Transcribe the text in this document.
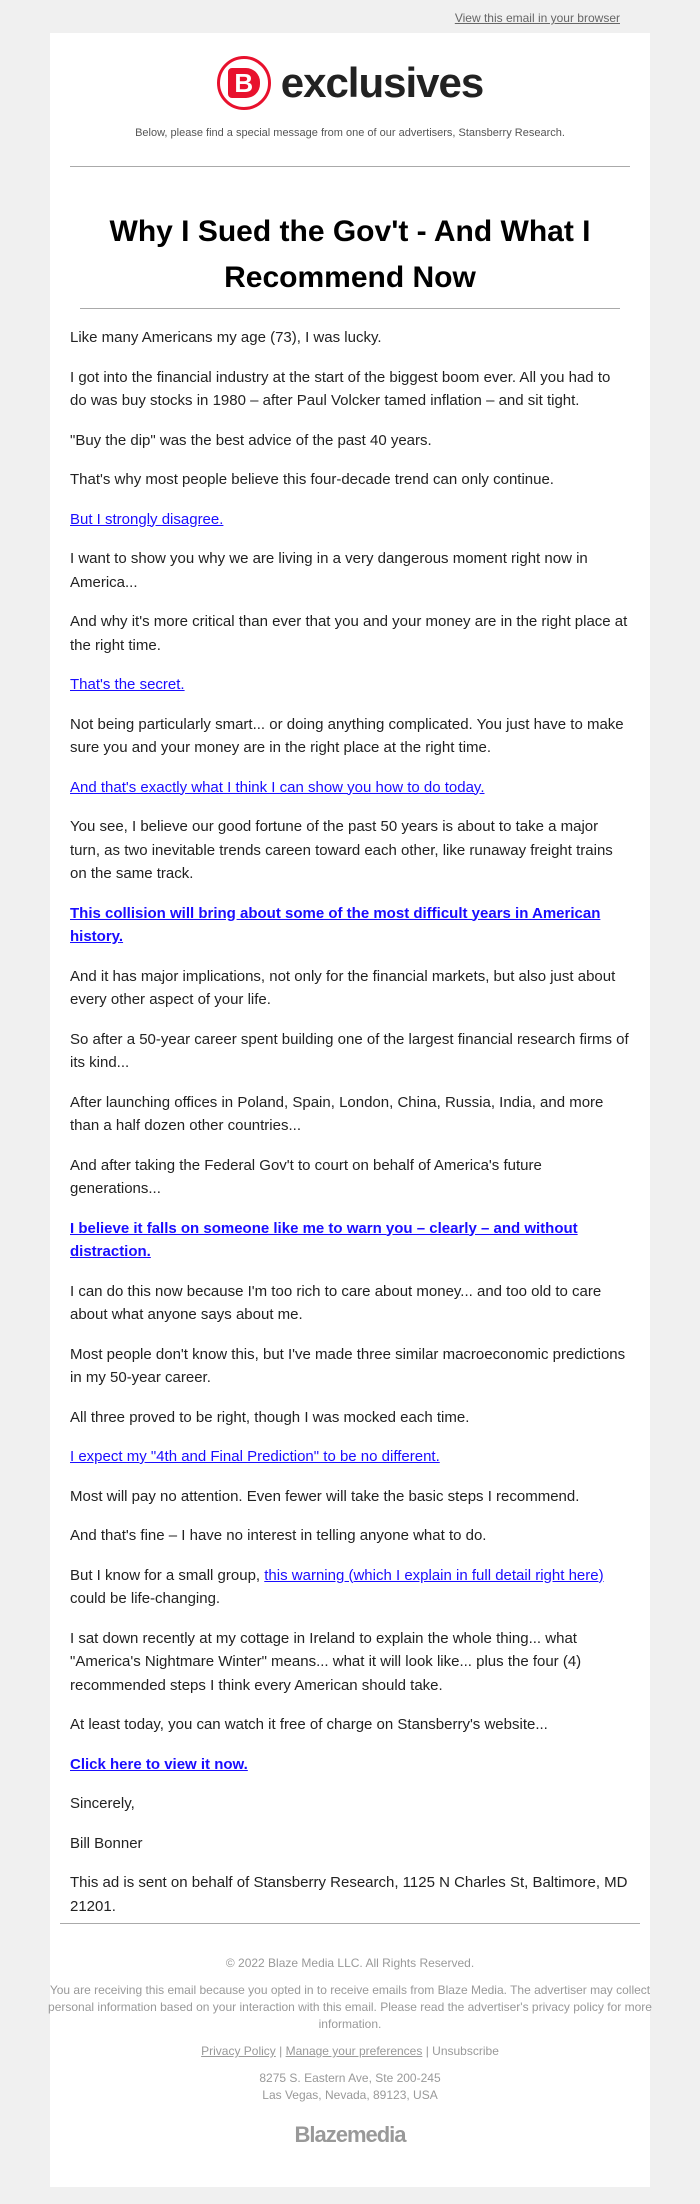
View this email in your browser
B exclusives
Below, please find a special message from one of our advertisers, Stansberry Research.
Why I Sued the Gov't - And What I Recommend Now

Like many Americans my age (73), I was lucky.

I got into the financial industry at the start of the biggest boom ever. All you had to do was buy stocks in 1980 – after Paul Volcker tamed inflation – and sit tight.

"Buy the dip" was the best advice of the past 40 years.

That's why most people believe this four-decade trend can only continue.

But I strongly disagree.

I want to show you why we are living in a very dangerous moment right now in America...

And why it's more critical than ever that you and your money are in the right place at the right time.

That's the secret.

Not being particularly smart... or doing anything complicated. You just have to make sure you and your money are in the right place at the right time.

And that's exactly what I think I can show you how to do today.

You see, I believe our good fortune of the past 50 years is about to take a major turn, as two inevitable trends careen toward each other, like runaway freight trains on the same track.

This collision will bring about some of the most difficult years in American history.

And it has major implications, not only for the financial markets, but also just about every other aspect of your life.

So after a 50-year career spent building one of the largest financial research firms of its kind...

After launching offices in Poland, Spain, London, China, Russia, India, and more than a half dozen other countries...

And after taking the Federal Gov't to court on behalf of America's future generations...

I believe it falls on someone like me to warn you – clearly – and without distraction.

I can do this now because I'm too rich to care about money... and too old to care about what anyone says about me.

Most people don't know this, but I've made three similar macroeconomic predictions in my 50-year career.

All three proved to be right, though I was mocked each time.

I expect my "4th and Final Prediction" to be no different.

Most will pay no attention. Even fewer will take the basic steps I recommend.

And that's fine – I have no interest in telling anyone what to do.

But I know for a small group, this warning (which I explain in full detail right here) could be life-changing.

I sat down recently at my cottage in Ireland to explain the whole thing... what "America's Nightmare Winter" means... what it will look like... plus the four (4) recommended steps I think every American should take.

At least today, you can watch it free of charge on Stansberry's website...

Click here to view it now.

Sincerely,

Bill Bonner

This ad is sent on behalf of Stansberry Research, 1125 N Charles St, Baltimore, MD 21201.

© 2022 Blaze Media LLC. All Rights Reserved.

You are receiving this email because you opted in to receive emails from Blaze Media. The advertiser may collect personal information based on your interaction with this email. Please read the advertiser's privacy policy for more information.

Privacy Policy | Manage your preferences | Unsubscribe

8275 S. Eastern Ave, Ste 200-245
Las Vegas, Nevada, 89123, USA
Blazemedia
